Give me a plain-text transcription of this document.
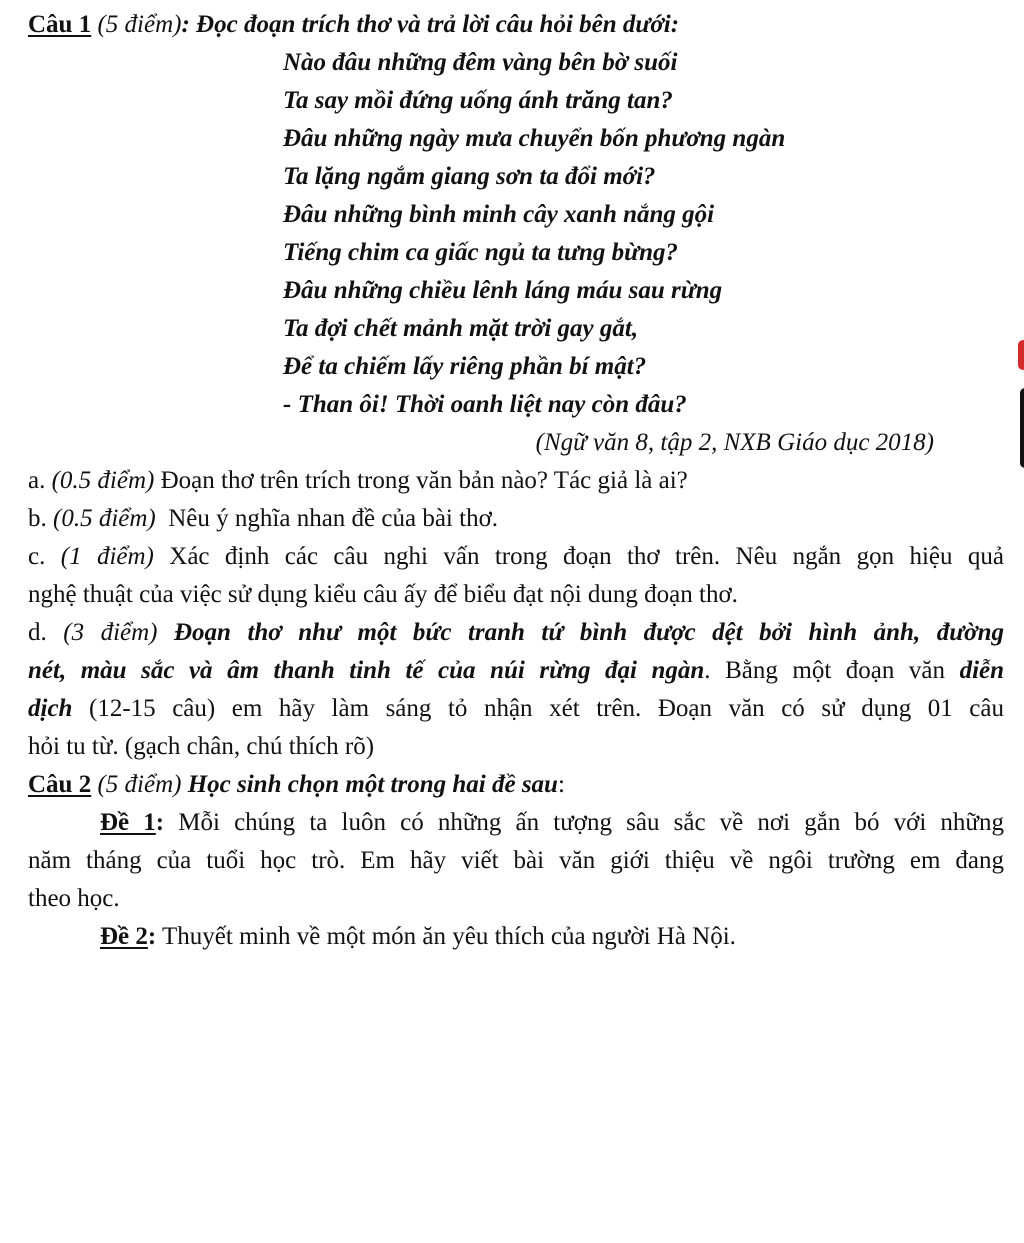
Câu 1 (5 điểm): Đọc đoạn trích thơ và trả lời câu hỏi bên dưới:
Nào đâu những đêm vàng bên bờ suối
Ta say mồi đứng uống ánh trăng tan?
Đâu những ngày mưa chuyển bốn phương ngàn
Ta lặng ngắm giang sơn ta đổi mới?
Đâu những bình minh cây xanh nắng gội
Tiếng chim ca giấc ngủ ta tưng bừng?
Đâu những chiều lênh láng máu sau rừng
Ta đợi chết mảnh mặt trời gay gắt,
Để ta chiếm lấy riêng phần bí mật?
- Than ôi! Thời oanh liệt nay còn đâu?
(Ngữ văn 8, tập 2, NXB Giáo dục 2018)
a. (0.5 điểm) Đoạn thơ trên trích trong văn bản nào? Tác giả là ai?
b. (0.5 điểm)  Nêu ý nghĩa nhan đề của bài thơ.
c. (1 điểm) Xác định các câu nghi vấn trong đoạn thơ trên. Nêu ngắn gọn hiệu quả
nghệ thuật của việc sử dụng kiểu câu ấy để biểu đạt nội dung đoạn thơ.
d. (3 điểm) Đoạn thơ như một bức tranh tứ bình được dệt bởi hình ảnh, đường
nét, màu sắc và âm thanh tinh tế của núi rừng đại ngàn. Bằng một đoạn văn diễn
dịch (12-15 câu) em hãy làm sáng tỏ nhận xét trên. Đoạn văn có sử dụng 01 câu
hỏi tu từ. (gạch chân, chú thích rõ)
Câu 2 (5 điểm) Học sinh chọn một trong hai đề sau:
Đề 1: Mỗi chúng ta luôn có những ấn tượng sâu sắc về nơi gắn bó với những
năm tháng của tuổi học trò. Em hãy viết bài văn giới thiệu về ngôi trường em đang
theo học.
Đề 2: Thuyết minh về một món ăn yêu thích của người Hà Nội.
